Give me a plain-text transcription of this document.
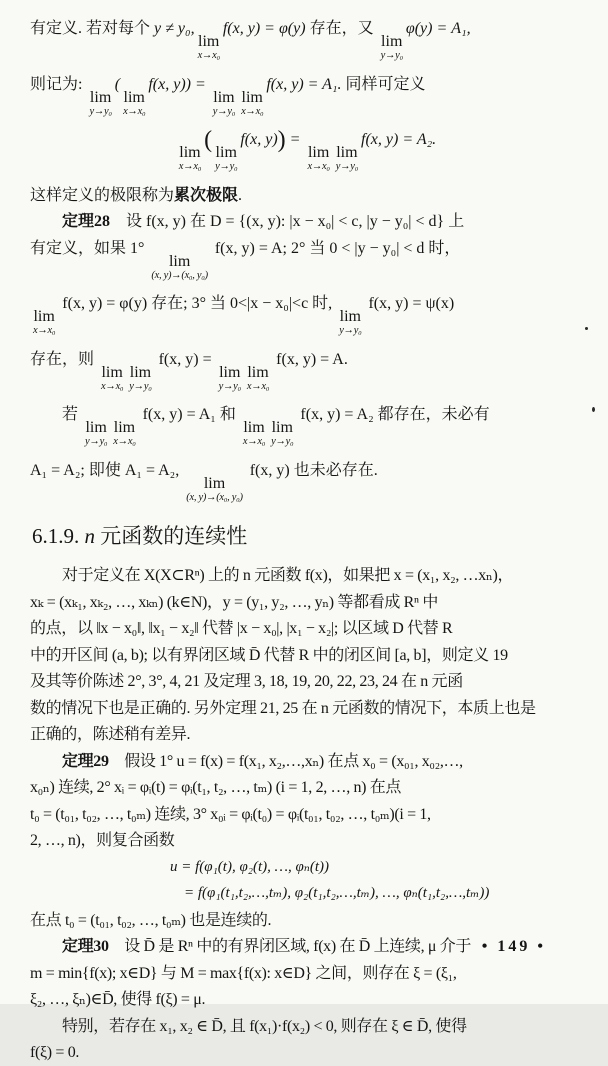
有定义. 若对每个 y ≠ y₀,
lim
x→x₀
f(x, y) = φ(y) 存在，又
lim
y→y₀
φ(y) = A₁,
则记为:
lim
y→y₀
(
lim
x→x₀
f(x, y)) =
lim
y→y₀
lim
x→x₀
f(x, y) = A₁. 同样可定义
lim
x→x₀
( lim
y→y₀
f(x, y)) =
lim
x→x₀
lim
y→y₀
f(x, y) = A₂.
这样定义的极限称为累次极限.
定理28　设 f(x, y) 在 D = {(x, y): |x − x₀| < c, |y − y₀| < d} 上
有定义，如果 1°
lim
(x, y)→(x₀, y₀)
f(x, y) = A; 2° 当 0 < |y − y₀| < d 时，
lim
x→x₀
f(x, y) = φ(y) 存在; 3° 当 0<|x − x₀|<c 时,
lim
y→y₀
f(x, y) = ψ(x)
存在，则
lim
x→x₀
lim
y→y₀
f(x, y) =
lim
y→y₀
lim
x→x₀
f(x, y) = A.
若
lim
y→y₀
lim
x→x₀
f(x, y) = A₁ 和
lim
x→x₀
lim
y→y₀
f(x, y) = A₂ 都存在，未必有
A₁ = A₂; 即使 A₁ = A₂,
lim
(x, y)→(x₀, y₀)
f(x, y) 也未必存在.
6.1.9. n 元函数的连续性
对于定义在 X(X⊂Rⁿ) 上的 n 元函数 f(x)，如果把 x = (x₁, x₂, …xₙ)，
xₖ = (xₖ₁, xₖ₂, …, xₖₙ) (k∈N)，y = (y₁, y₂, …, yₙ) 等都看成 Rⁿ 中
的点，以 ‖x − x₀‖, ‖x₁ − x₂‖ 代替 |x − x₀|, |x₁ − x₂|; 以区域 D 代替 R
中的开区间 (a, b); 以有界闭区域 D̄ 代替 R 中的闭区间 [a, b]，则定义 19
及其等价陈述 2°, 3°, 4, 21 及定理 3, 18, 19, 20, 22, 23, 24 在 n 元函
数的情况下也是正确的. 另外定理 21, 25 在 n 元函数的情况下，本质上也是
正确的，陈述稍有差异.
定理29　假设 1° u = f(x) = f(x₁, x₂,…,xₙ) 在点 x₀ = (x₀₁, x₀₂,…,
x₀ₙ) 连续, 2° xᵢ = φᵢ(t) = φᵢ(t₁, t₂, …, tₘ) (i = 1, 2, …, n) 在点
t₀ = (t₀₁, t₀₂, …, t₀ₘ) 连续, 3° x₀ᵢ = φᵢ(t₀) = φᵢ(t₀₁, t₀₂, …, t₀ₘ)(i = 1,
2, …, n)，则复合函数
u = f(φ₁(t), φ₂(t), …, φₙ(t))
= f(φ₁(t₁,t₂,…,tₘ), φ₂(t₁,t₂,…,tₘ), …, φₙ(t₁,t₂,…,tₘ))
在点 t₀ = (t₀₁, t₀₂, …, t₀ₘ) 也是连续的.
定理30　设 D̄ 是 Rⁿ 中的有界闭区域, f(x) 在 D̄ 上连续, μ 介于
m = min{f(x); x∈D} 与 M = max{f(x): x∈D} 之间，则存在 ξ = (ξ₁,
ξ₂, …, ξₙ)∈D̄, 使得 f(ξ) = μ.
特别，若存在 x₁, x₂ ∈ D̄, 且 f(x₁)·f(x₂) < 0, 则存在 ξ ∈ D̄, 使得
f(ξ) = 0.
• 149 •
